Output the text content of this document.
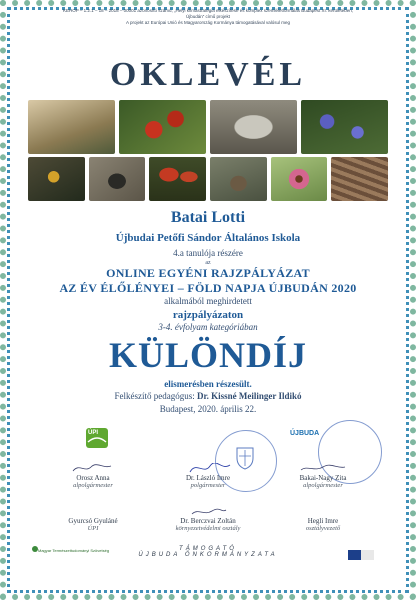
KEHOP – 1.2.1 – 18 – 2018 – 00001 azonosító számú, „Helyi klímastratégia elkészítése és komplex szemléletformálás Budapest XI. kerületében,
Újbudán” című projekt
A projekt az Európai Unió és Magyarország Kormánya támogatásával valósul meg
OKLEVÉL
Batai Lotti
Újbudai Petőfi Sándor Általános Iskola
4.a tanulója részére
az
ONLINE EGYÉNI RAJZPÁLYÁZAT
AZ ÉV ÉLŐLÉNYEI – FÖLD NAPJA ÚJBUDÁN 2020
alkalmából meghirdetett
rajzpályázaton
3-4. évfolyam kategóriában
KÜLÖNDÍJ
elismerésben részesült.
Felkészítő pedagógus: Dr. Kissné Meilinger Ildikó
Budapest, 2020. április 22.
ÚPI	ÚJBUDA
Orosz Anna
alpolgármester
Dr. László Imre
polgármester
Bakai-Nagy Zita
alpolgármester
Gyurcsó Gyuláné
ÚPI
Dr. Berczvai Zoltán
környezetvédelmi osztály
Hegli Imre
osztályvezető
Magyar Természettudományi Szövetség	TÁMOGATÓ
ÚJBUDA ÖNKORMÁNYZATA
